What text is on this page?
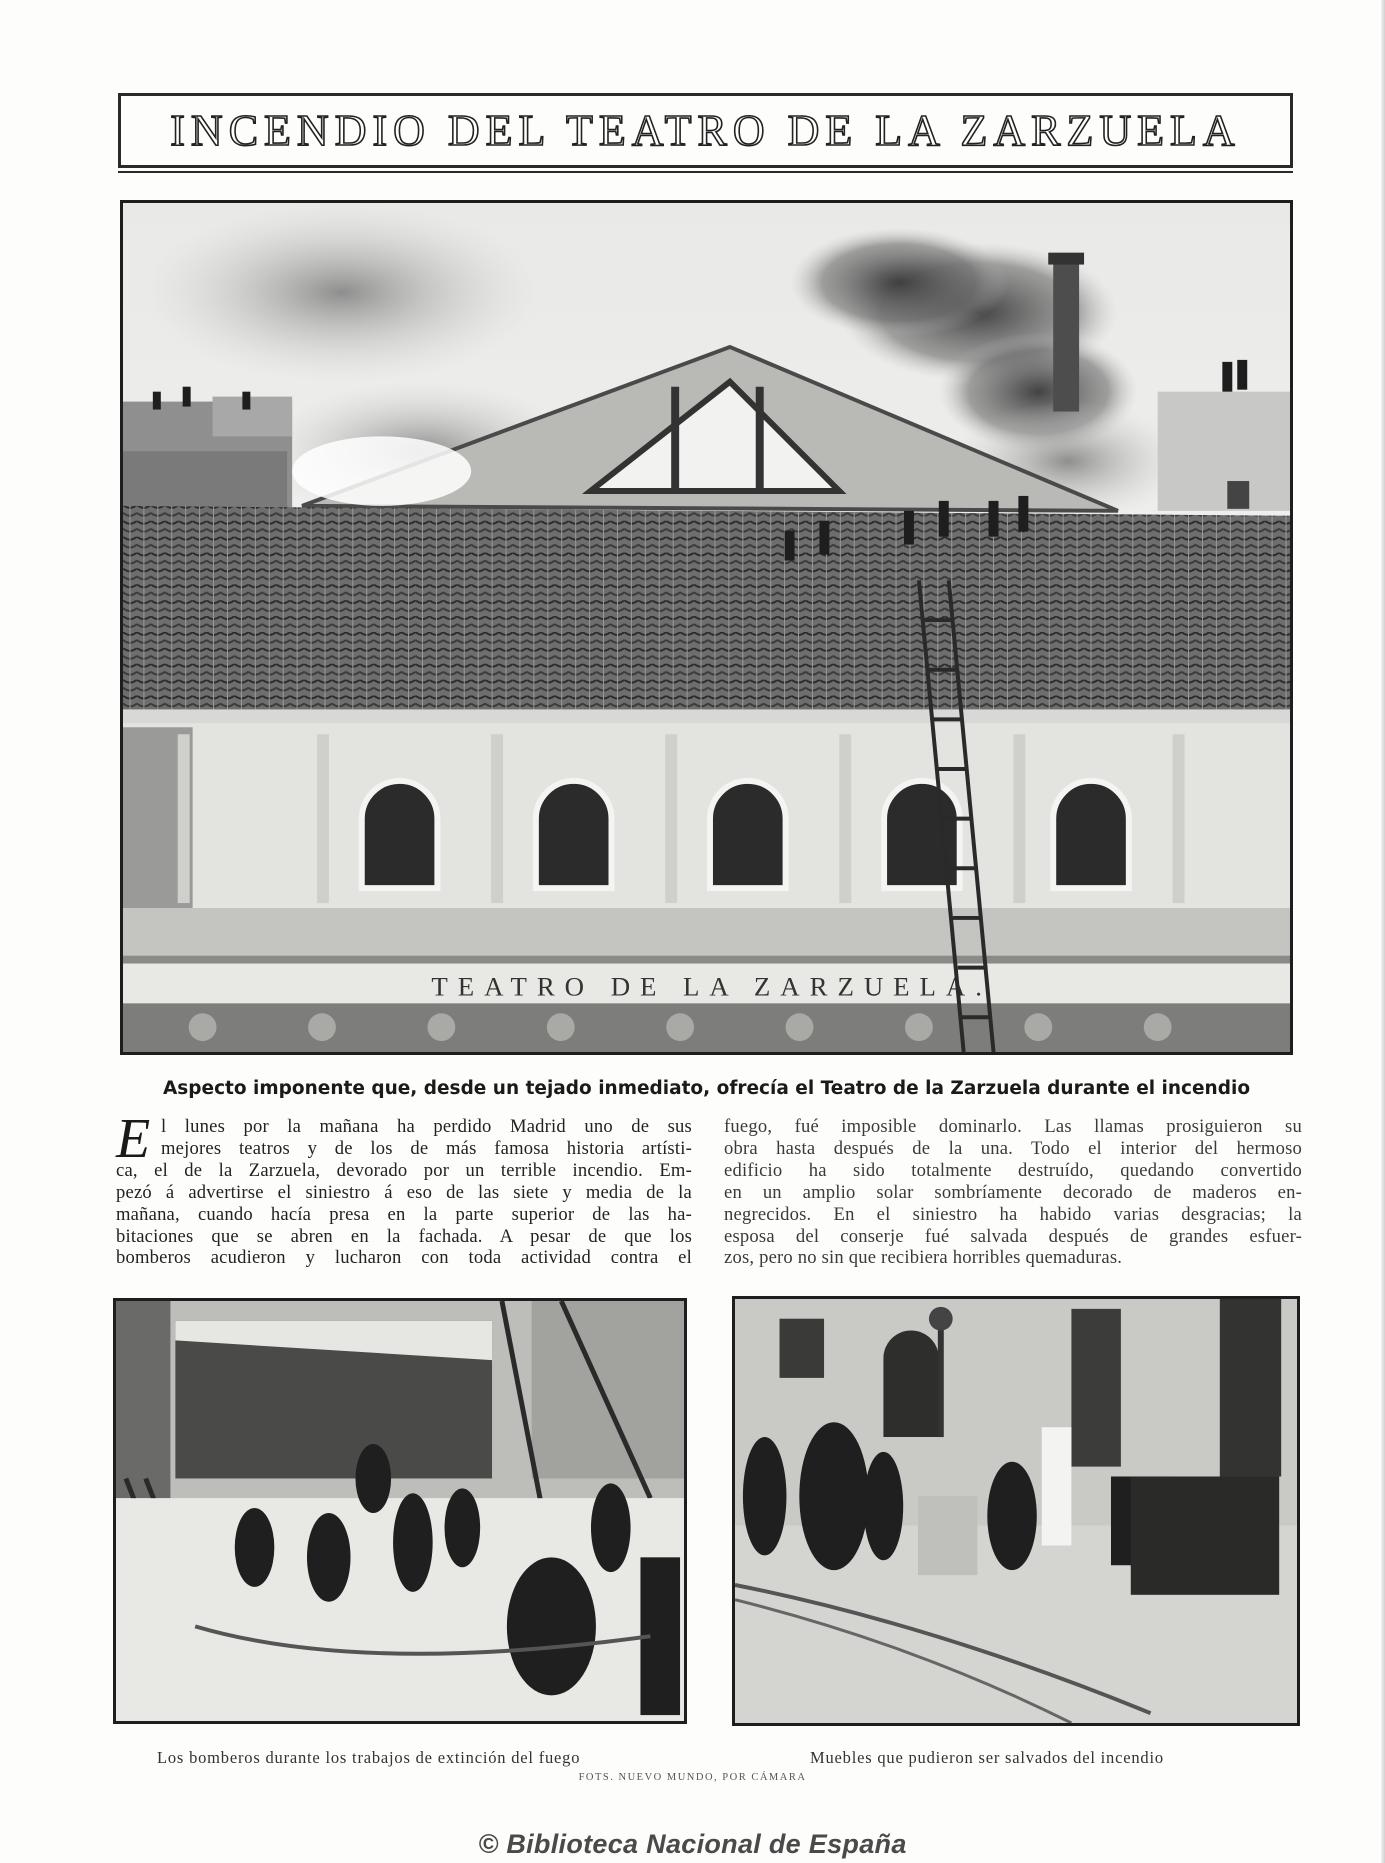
INCENDIO DEL TEATRO DE LA ZARZUELA
TEATRO DE LA ZARZUELA.
Aspecto imponente que, desde un tejado inmediato, ofrecía el Teatro de la Zarzuela durante el incendio
E l lunes por la mañana ha perdido Madrid uno de sus
mejores teatros y de los de más famosa historia artísti-
ca, el de la Zarzuela, devorado por un terrible incendio. Em-
pezó á advertirse el siniestro á eso de las siete y media de la
mañana, cuando hacía presa en la parte superior de las ha-
bitaciones que se abren en la fachada. A pesar de que los
bomberos acudieron y lucharon con toda actividad contra el
fuego, fué imposible dominarlo. Las llamas prosiguieron su
obra hasta después de la una. Todo el interior del hermoso
edificio ha sido totalmente destruído, quedando convertido
en un amplio solar sombríamente decorado de maderos en-
negrecidos. En el siniestro ha habido varias desgracias; la
esposa del conserje fué salvada después de grandes esfuer-
zos, pero no sin que recibiera horribles quemaduras.
Los bomberos durante los trabajos de extinción del fuego	Muebles que pudieron ser salvados del incendio
FOTS. NUEVO MUNDO, POR CÁMARA
© Biblioteca Nacional de España
